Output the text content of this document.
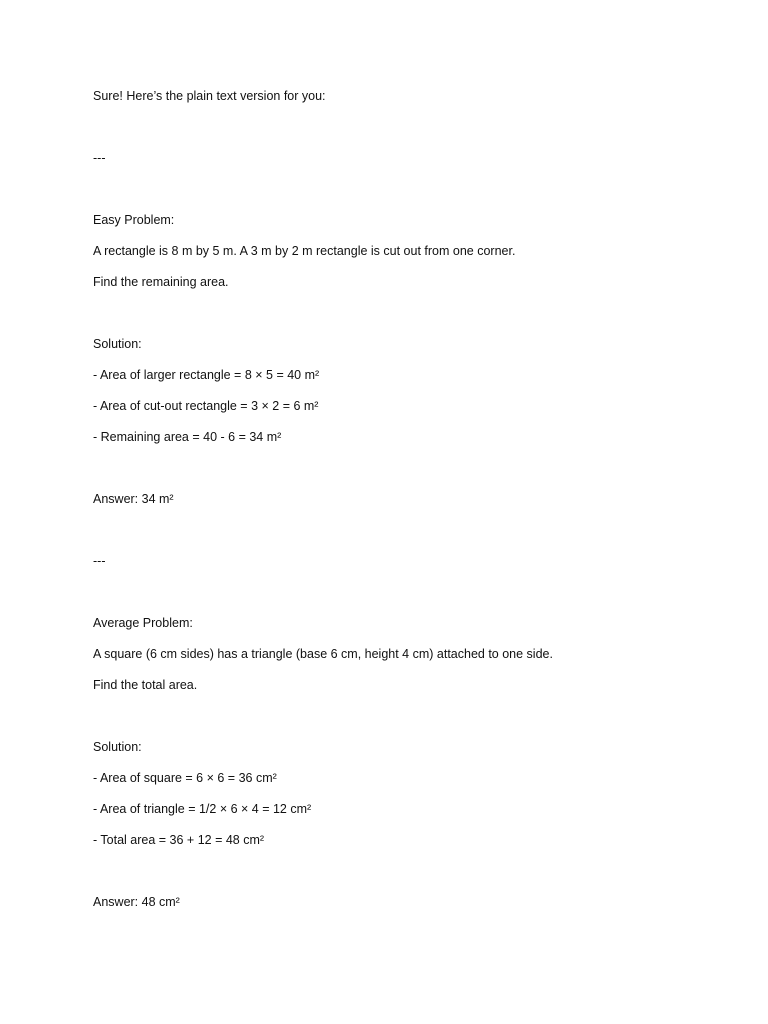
Sure! Here’s the plain text version for you:
---
Easy Problem:
A rectangle is 8 m by 5 m. A 3 m by 2 m rectangle is cut out from one corner.
Find the remaining area.
Solution:
- Area of larger rectangle = 8 × 5 = 40 m²
- Area of cut-out rectangle = 3 × 2 = 6 m²
- Remaining area = 40 - 6 = 34 m²
Answer: 34 m²
---
Average Problem:
A square (6 cm sides) has a triangle (base 6 cm, height 4 cm) attached to one side.
Find the total area.
Solution:
- Area of square = 6 × 6 = 36 cm²
- Area of triangle = 1/2 × 6 × 4 = 12 cm²
- Total area = 36 + 12 = 48 cm²
Answer: 48 cm²
